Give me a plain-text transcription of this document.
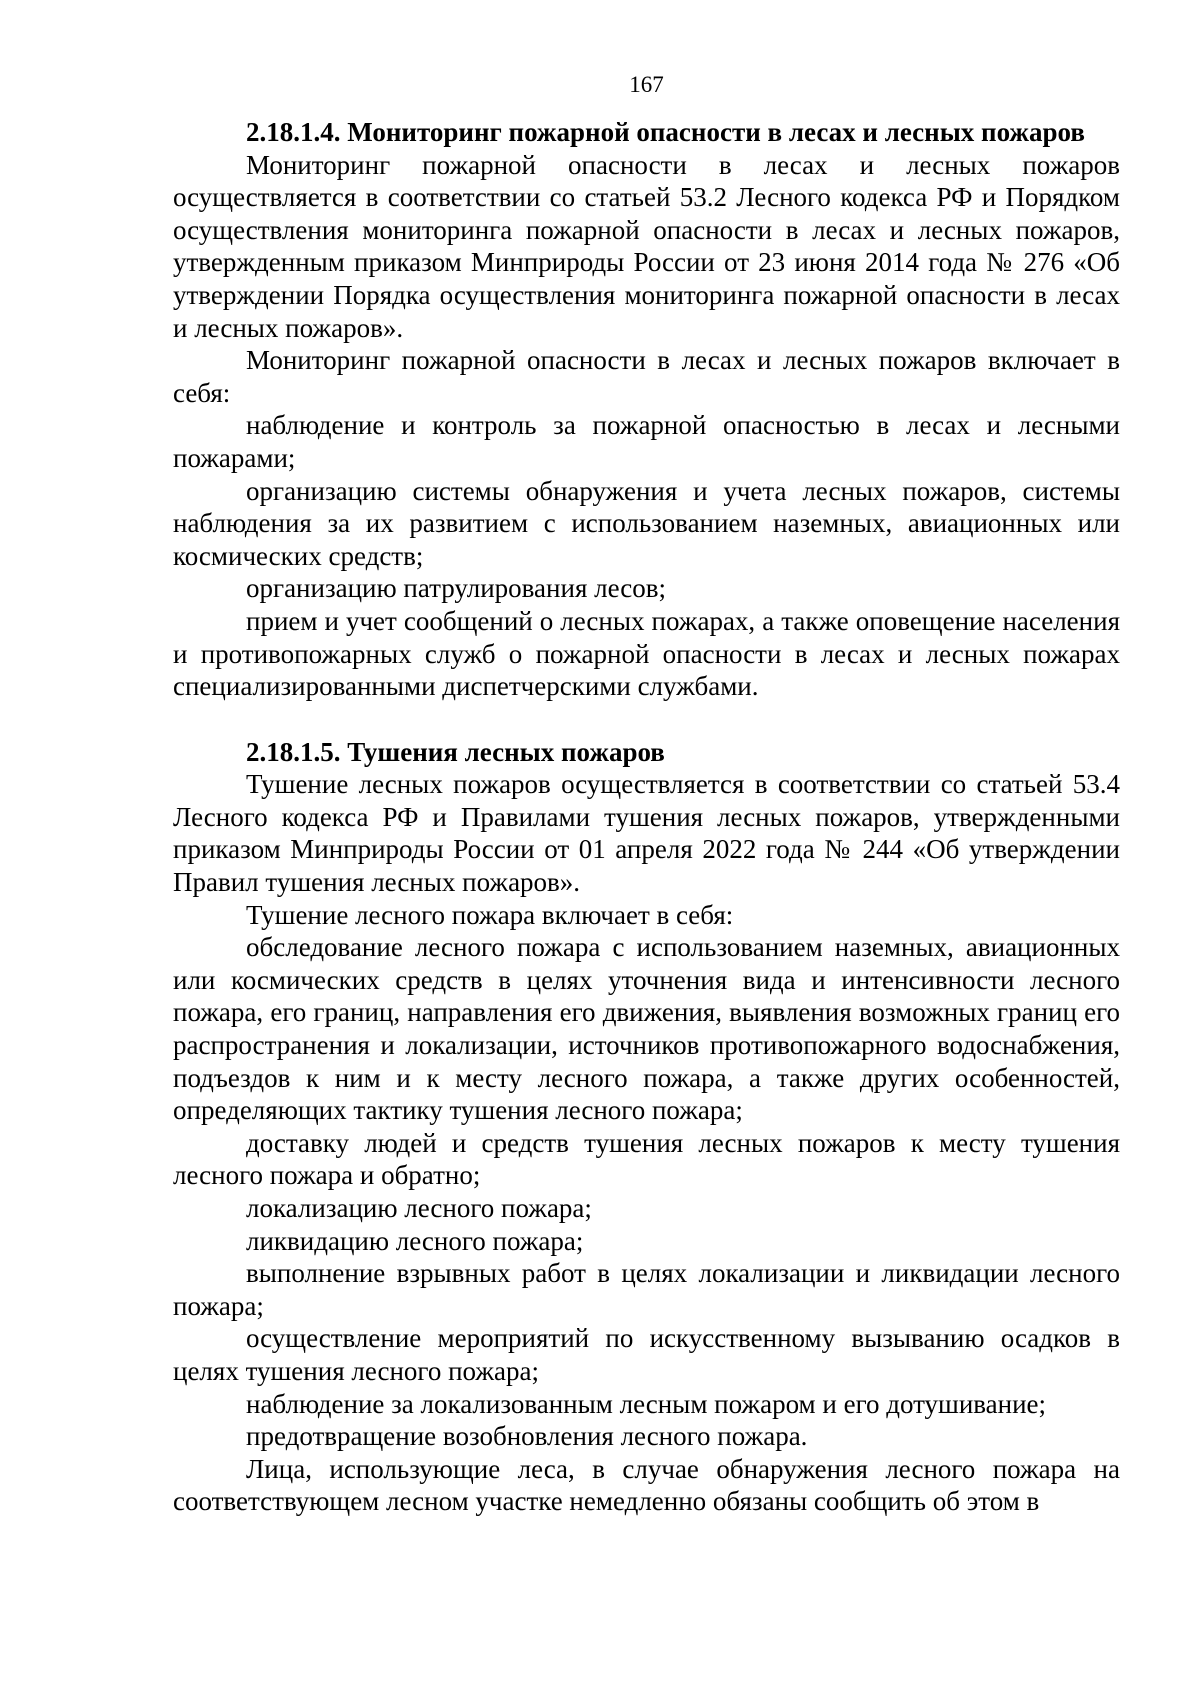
167

2.18.1.4. Мониторинг пожарной опасности в лесах и лесных пожаров

Мониторинг пожарной опасности в лесах и лесных пожаров осуществляется в соответствии со статьей 53.2 Лесного кодекса РФ и Порядком осуществления мониторинга пожарной опасности в лесах и лесных пожаров, утвержденным приказом Минприроды России от 23 июня 2014 года № 276 «Об утверждении Порядка осуществления мониторинга пожарной опасности в лесах и лесных пожаров».

Мониторинг пожарной опасности в лесах и лесных пожаров включает в себя:

наблюдение и контроль за пожарной опасностью в лесах и лесными пожарами;

организацию системы обнаружения и учета лесных пожаров, системы наблюдения за их развитием с использованием наземных, авиационных или космических средств;

организацию патрулирования лесов;

прием и учет сообщений о лесных пожарах, а также оповещение населения и противопожарных служб о пожарной опасности в лесах и лесных пожарах специализированными диспетчерскими службами.

2.18.1.5. Тушения лесных пожаров

Тушение лесных пожаров осуществляется в соответствии со статьей 53.4 Лесного кодекса РФ и Правилами тушения лесных пожаров, утвержденными приказом Минприроды России от 01 апреля 2022 года № 244 «Об утверждении Правил тушения лесных пожаров».

Тушение лесного пожара включает в себя:

обследование лесного пожара с использованием наземных, авиационных или космических средств в целях уточнения вида и интенсивности лесного пожара, его границ, направления его движения, выявления возможных границ его распространения и локализации, источников противопожарного водоснабжения, подъездов к ним и к месту лесного пожара, а также других особенностей, определяющих тактику тушения лесного пожара;

доставку людей и средств тушения лесных пожаров к месту тушения лесного пожара и обратно;

локализацию лесного пожара;

ликвидацию лесного пожара;

выполнение взрывных работ в целях локализации и ликвидации лесного пожара;

осуществление мероприятий по искусственному вызыванию осадков в целях тушения лесного пожара;

наблюдение за локализованным лесным пожаром и его дотушивание;

предотвращение возобновления лесного пожара.

Лица, использующие леса, в случае обнаружения лесного пожара на соответствующем лесном участке немедленно обязаны сообщить об этом в
